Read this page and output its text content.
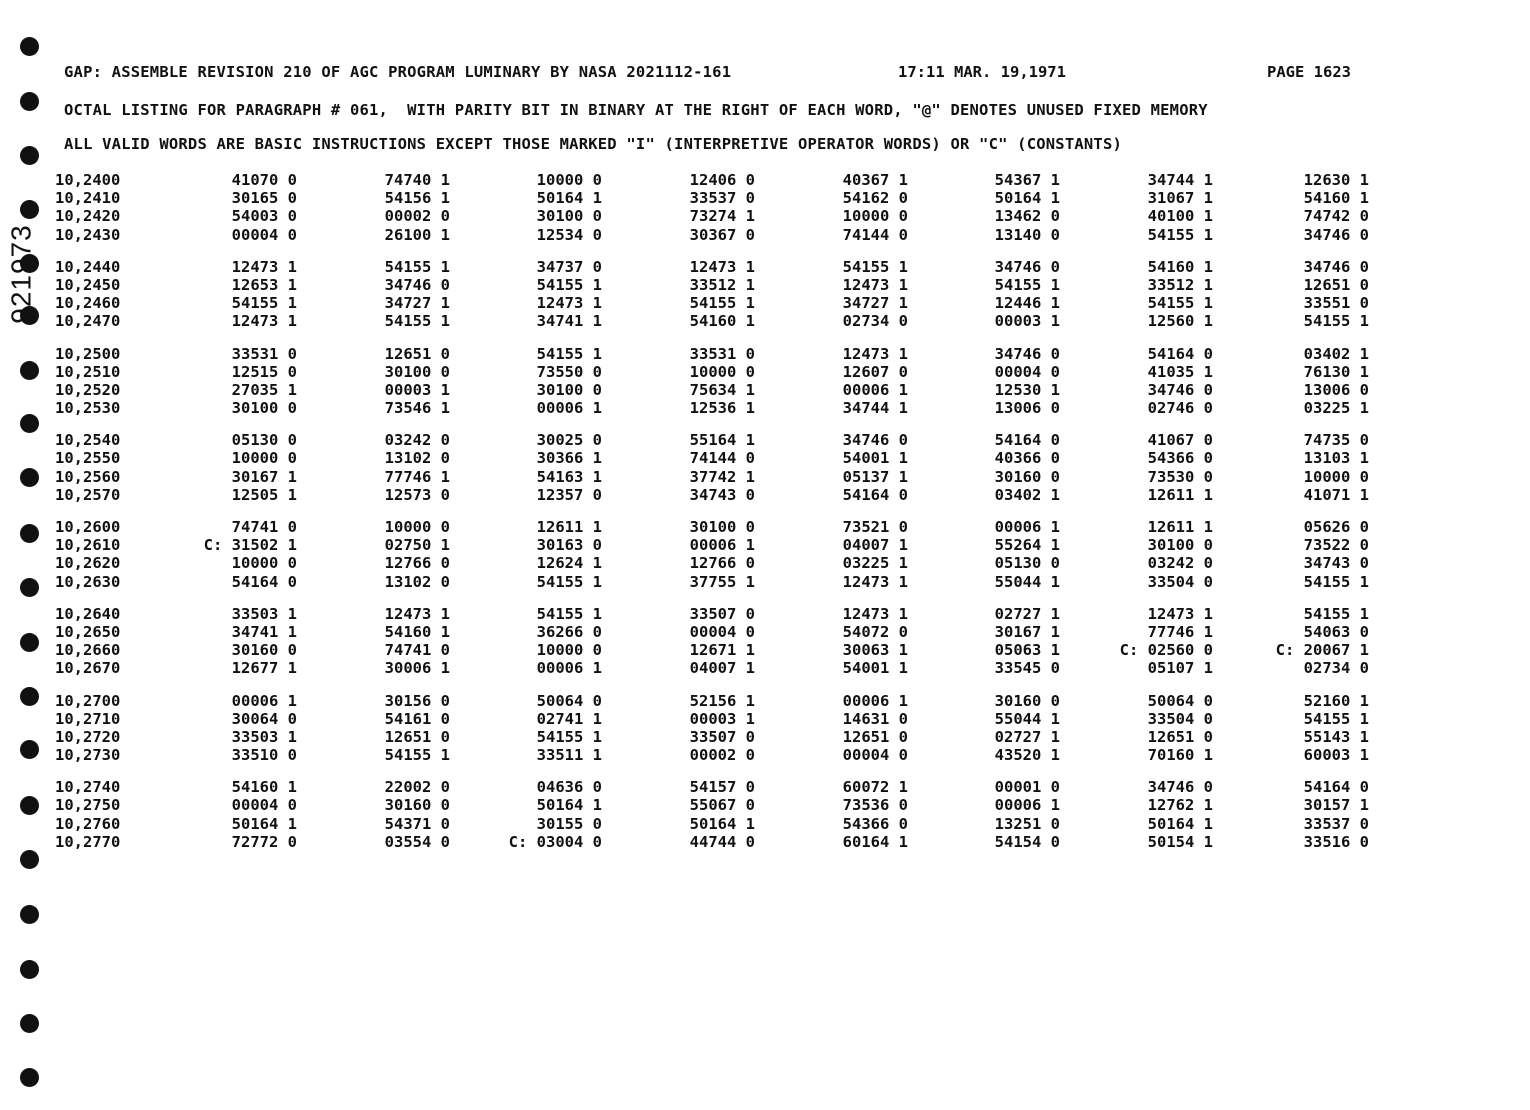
921973
GAP: ASSEMBLE REVISION 210 OF AGC PROGRAM LUMINARY BY NASA 2021112-161	17:11 MAR. 19,1971	PAGE 1623
OCTAL LISTING FOR PARAGRAPH # 061,  WITH PARITY BIT IN BINARY AT THE RIGHT OF EACH WORD, "@" DENOTES UNUSED FIXED MEMORY
ALL VALID WORDS ARE BASIC INSTRUCTIONS EXCEPT THOSE MARKED "I" (INTERPRETIVE OPERATOR WORDS) OR "C" (CONSTANTS)
10,2400	41070 0	74740 1	10000 0	12406 0	40367 1	54367 1	34744 1	12630 1
10,2410	30165 0	54156 1	50164 1	33537 0	54162 0	50164 1	31067 1	54160 1
10,2420	54003 0	00002 0	30100 0	73274 1	10000 0	13462 0	40100 1	74742 0
10,2430	00004 0	26100 1	12534 0	30367 0	74144 0	13140 0	54155 1	34746 0
10,2440	12473 1	54155 1	34737 0	12473 1	54155 1	34746 0	54160 1	34746 0
10,2450	12653 1	34746 0	54155 1	33512 1	12473 1	54155 1	33512 1	12651 0
10,2460	54155 1	34727 1	12473 1	54155 1	34727 1	12446 1	54155 1	33551 0
10,2470	12473 1	54155 1	34741 1	54160 1	02734 0	00003 1	12560 1	54155 1
10,2500	33531 0	12651 0	54155 1	33531 0	12473 1	34746 0	54164 0	03402 1
10,2510	12515 0	30100 0	73550 0	10000 0	12607 0	00004 0	41035 1	76130 1
10,2520	27035 1	00003 1	30100 0	75634 1	00006 1	12530 1	34746 0	13006 0
10,2530	30100 0	73546 1	00006 1	12536 1	34744 1	13006 0	02746 0	03225 1
10,2540	05130 0	03242 0	30025 0	55164 1	34746 0	54164 0	41067 0	74735 0
10,2550	10000 0	13102 0	30366 1	74144 0	54001 1	40366 0	54366 0	13103 1
10,2560	30167 1	77746 1	54163 1	37742 1	05137 1	30160 0	73530 0	10000 0
10,2570	12505 1	12573 0	12357 0	34743 0	54164 0	03402 1	12611 1	41071 1
10,2600	74741 0	10000 0	12611 1	30100 0	73521 0	00006 1	12611 1	05626 0
10,2610	C: 31502 1	02750 1	30163 0	00006 1	04007 1	55264 1	30100 0	73522 0
10,2620	10000 0	12766 0	12624 1	12766 0	03225 1	05130 0	03242 0	34743 0
10,2630	54164 0	13102 0	54155 1	37755 1	12473 1	55044 1	33504 0	54155 1
10,2640	33503 1	12473 1	54155 1	33507 0	12473 1	02727 1	12473 1	54155 1
10,2650	34741 1	54160 1	36266 0	00004 0	54072 0	30167 1	77746 1	54063 0
10,2660	30160 0	74741 0	10000 0	12671 1	30063 1	05063 1	C: 02560 0	C: 20067 1
10,2670	12677 1	30006 1	00006 1	04007 1	54001 1	33545 0	05107 1	02734 0
10,2700	00006 1	30156 0	50064 0	52156 1	00006 1	30160 0	50064 0	52160 1
10,2710	30064 0	54161 0	02741 1	00003 1	14631 0	55044 1	33504 0	54155 1
10,2720	33503 1	12651 0	54155 1	33507 0	12651 0	02727 1	12651 0	55143 1
10,2730	33510 0	54155 1	33511 1	00002 0	00004 0	43520 1	70160 1	60003 1
10,2740	54160 1	22002 0	04636 0	54157 0	60072 1	00001 0	34746 0	54164 0
10,2750	00004 0	30160 0	50164 1	55067 0	73536 0	00006 1	12762 1	30157 1
10,2760	50164 1	54371 0	30155 0	50164 1	54366 0	13251 0	50164 1	33537 0
10,2770	72772 0	03554 0	C: 03004 0	44744 0	60164 1	54154 0	50154 1	33516 0
